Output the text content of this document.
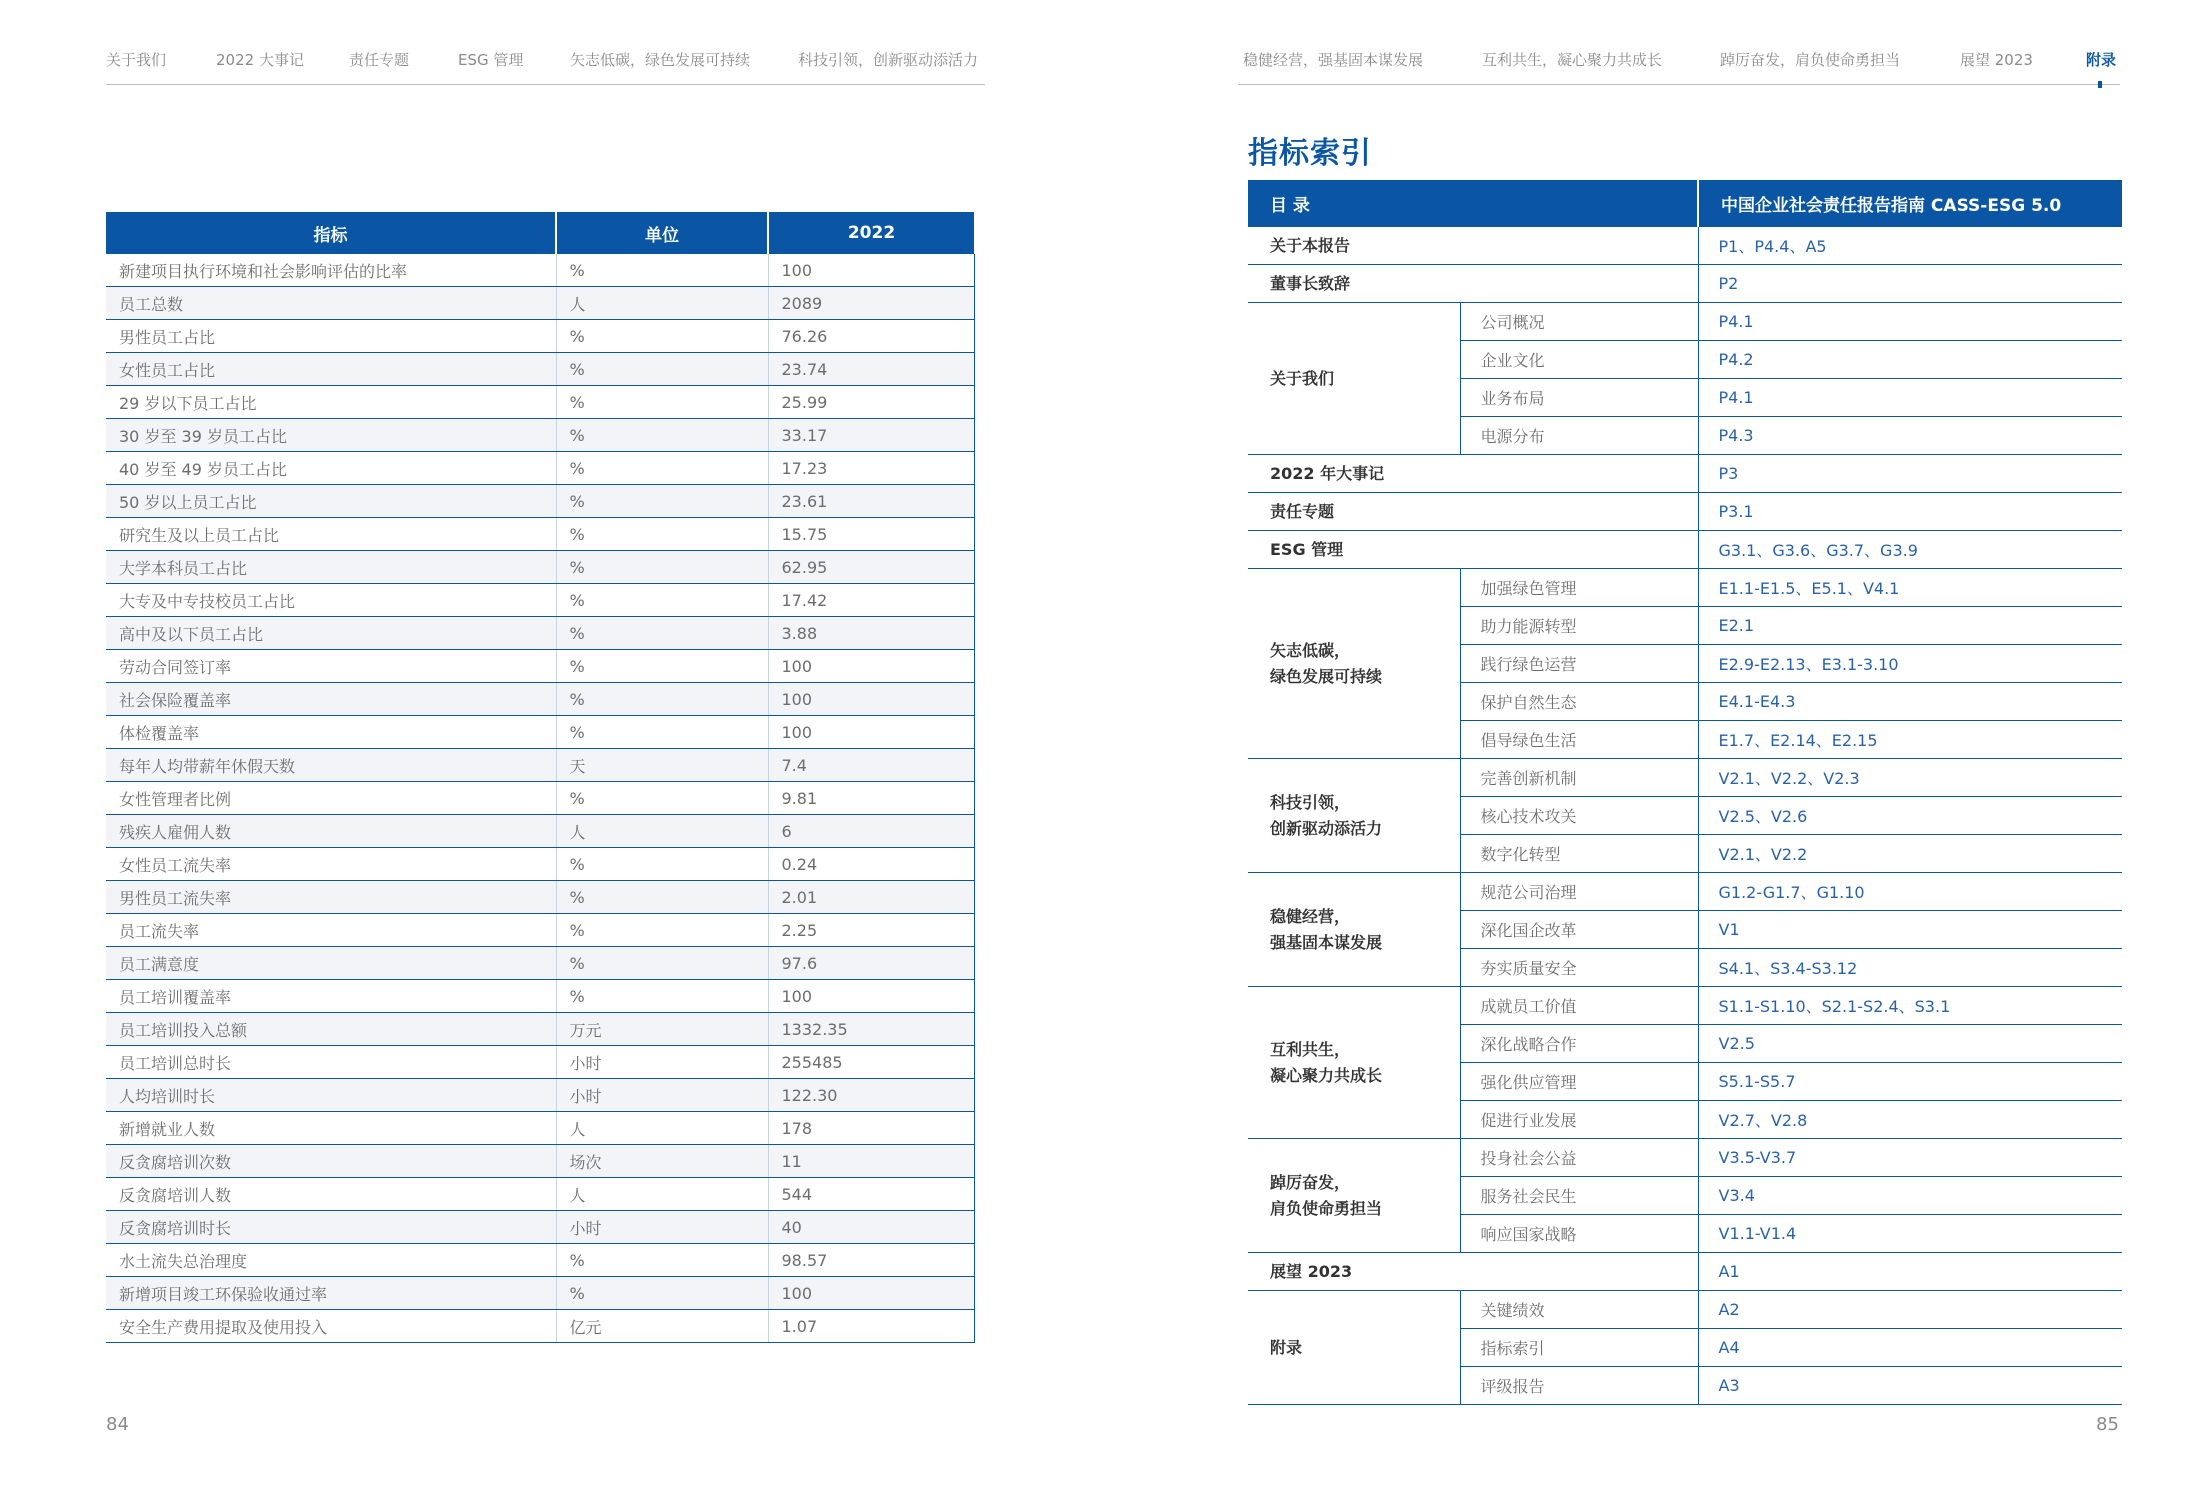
关于我们	2022 大事记	责任专题	ESG 管理	矢志低碳，绿色发展可持续	科技引领，创新驱动添活力	稳健经营，强基固本谋发展	互利共生，凝心聚力共成长	踔厉奋发，肩负使命勇担当	展望 2023	附录
指标	单位	2022
新建项目执行环境和社会影响评估的比率	%	100
员工总数	人	2089
男性员工占比	%	76.26
女性员工占比	%	23.74
29 岁以下员工占比	%	25.99
30 岁至 39 岁员工占比	%	33.17
40 岁至 49 岁员工占比	%	17.23
50 岁以上员工占比	%	23.61
研究生及以上员工占比	%	15.75
大学本科员工占比	%	62.95
大专及中专技校员工占比	%	17.42
高中及以下员工占比	%	3.88
劳动合同签订率	%	100
社会保险覆盖率	%	100
体检覆盖率	%	100
每年人均带薪年休假天数	天	7.4
女性管理者比例	%	9.81
残疾人雇佣人数	人	6
女性员工流失率	%	0.24
男性员工流失率	%	2.01
员工流失率	%	2.25
员工满意度	%	97.6
员工培训覆盖率	%	100
员工培训投入总额	万元	1332.35
员工培训总时长	小时	255485
人均培训时长	小时	122.30
新增就业人数	人	178
反贪腐培训次数	场次	11
反贪腐培训人数	人	544
反贪腐培训时长	小时	40
水土流失总治理度	%	98.57
新增项目竣工环保验收通过率	%	100
安全生产费用提取及使用投入	亿元	1.07
指标索引
目 录		中国企业社会责任报告指南 CASS-ESG 5.0
关于本报告		P1、P4.4、A5
董事长致辞		P2
关于我们	公司概况	P4.1
	企业文化	P4.2
	业务布局	P4.1
	电源分布	P4.3
2022 年大事记		P3
责任专题		P3.1
ESG 管理		G3.1、G3.6、G3.7、G3.9
矢志低碳，
绿色发展可持续	加强绿色管理	E1.1-E1.5、E5.1、V4.1
	助力能源转型	E2.1
	践行绿色运营	E2.9-E2.13、E3.1-3.10
	保护自然生态	E4.1-E4.3
	倡导绿色生活	E1.7、E2.14、E2.15
科技引领，
创新驱动添活力	完善创新机制	V2.1、V2.2、V2.3
	核心技术攻关	V2.5、V2.6
	数字化转型	V2.1、V2.2
稳健经营，
强基固本谋发展	规范公司治理	G1.2-G1.7、G1.10
	深化国企改革	V1
	夯实质量安全	S4.1、S3.4-S3.12
互利共生，
凝心聚力共成长	成就员工价值	S1.1-S1.10、S2.1-S2.4、S3.1
	深化战略合作	V2.5
	强化供应管理	S5.1-S5.7
	促进行业发展	V2.7、V2.8
踔厉奋发，
肩负使命勇担当	投身社会公益	V3.5-V3.7
	服务社会民生	V3.4
	响应国家战略	V1.1-V1.4
展望 2023		A1
附录	关键绩效	A2
	指标索引	A4
	评级报告	A3
84	85
